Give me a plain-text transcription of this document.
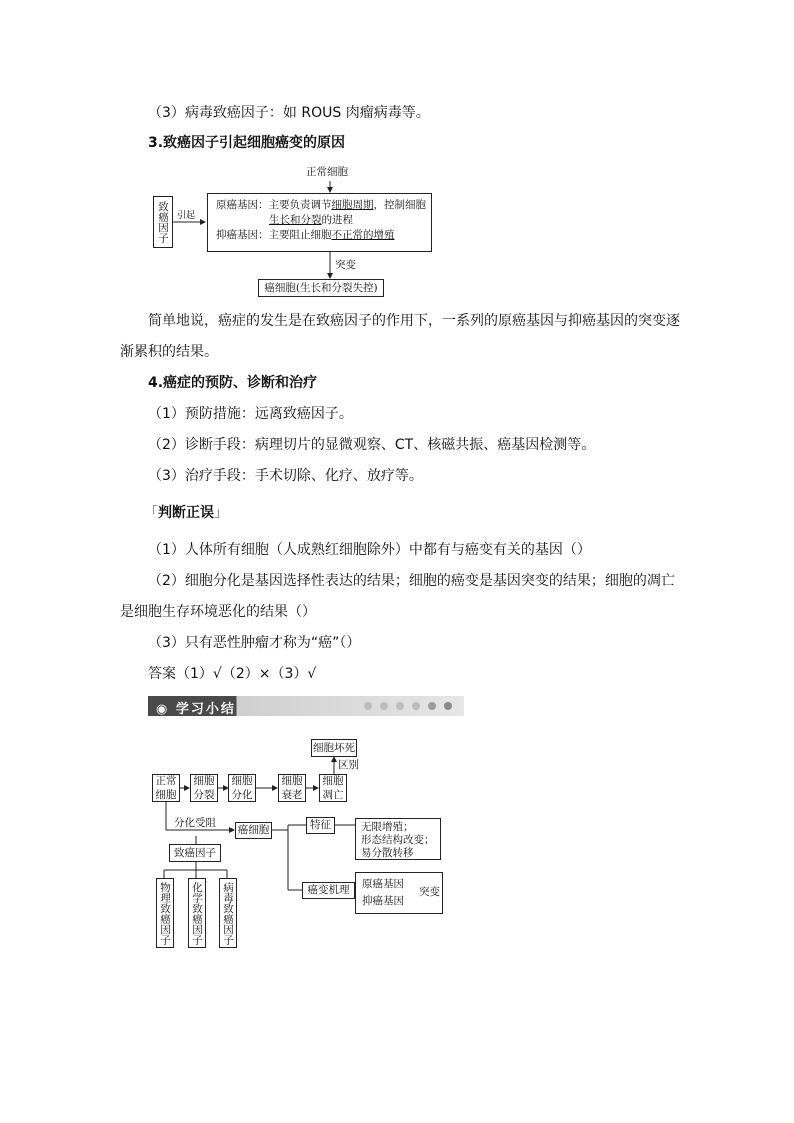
（3）病毒致癌因子：如 ROUS 肉瘤病毒等。
3.致癌因子引起细胞癌变的原因
正常细胞
致癌因子 引起
原癌基因：主要负责调节细胞周期，控制细胞
生长和分裂的进程
抑癌基因：主要阻止细胞不正常的增殖
突变
癌细胞(生长和分裂失控)
简单地说，癌症的发生是在致癌因子的作用下，一系列的原癌基因与抑癌基因的突变逐
渐累积的结果。
4.癌症的预防、诊断和治疗
（1）预防措施：远离致癌因子。
（2）诊断手段：病理切片的显微观察、CT、核磁共振、癌基因检测等。
（3）治疗手段：手术切除、化疗、放疗等。
「判断正误」
（1）人体所有细胞（人成熟红细胞除外）中都有与癌变有关的基因（）
（2）细胞分化是基因选择性表达的结果；细胞的癌变是基因突变的结果；细胞的凋亡
是细胞生存环境恶化的结果（）
（3）只有恶性肿瘤才称为“癌”（）
答案（1）√（2）×（3）√
◉ 学习小结
细胞坏死
区别
正常细胞
细胞分裂
细胞分化
细胞衰老
细胞凋亡
分化受阻
癌细胞	特征	无限增殖；
形态结构改变；
易分散转移
致癌因子
癌变机理	原癌基因
抑癌基因
突变
物理致癌因子 化学致癌因子 病毒致癌因子
